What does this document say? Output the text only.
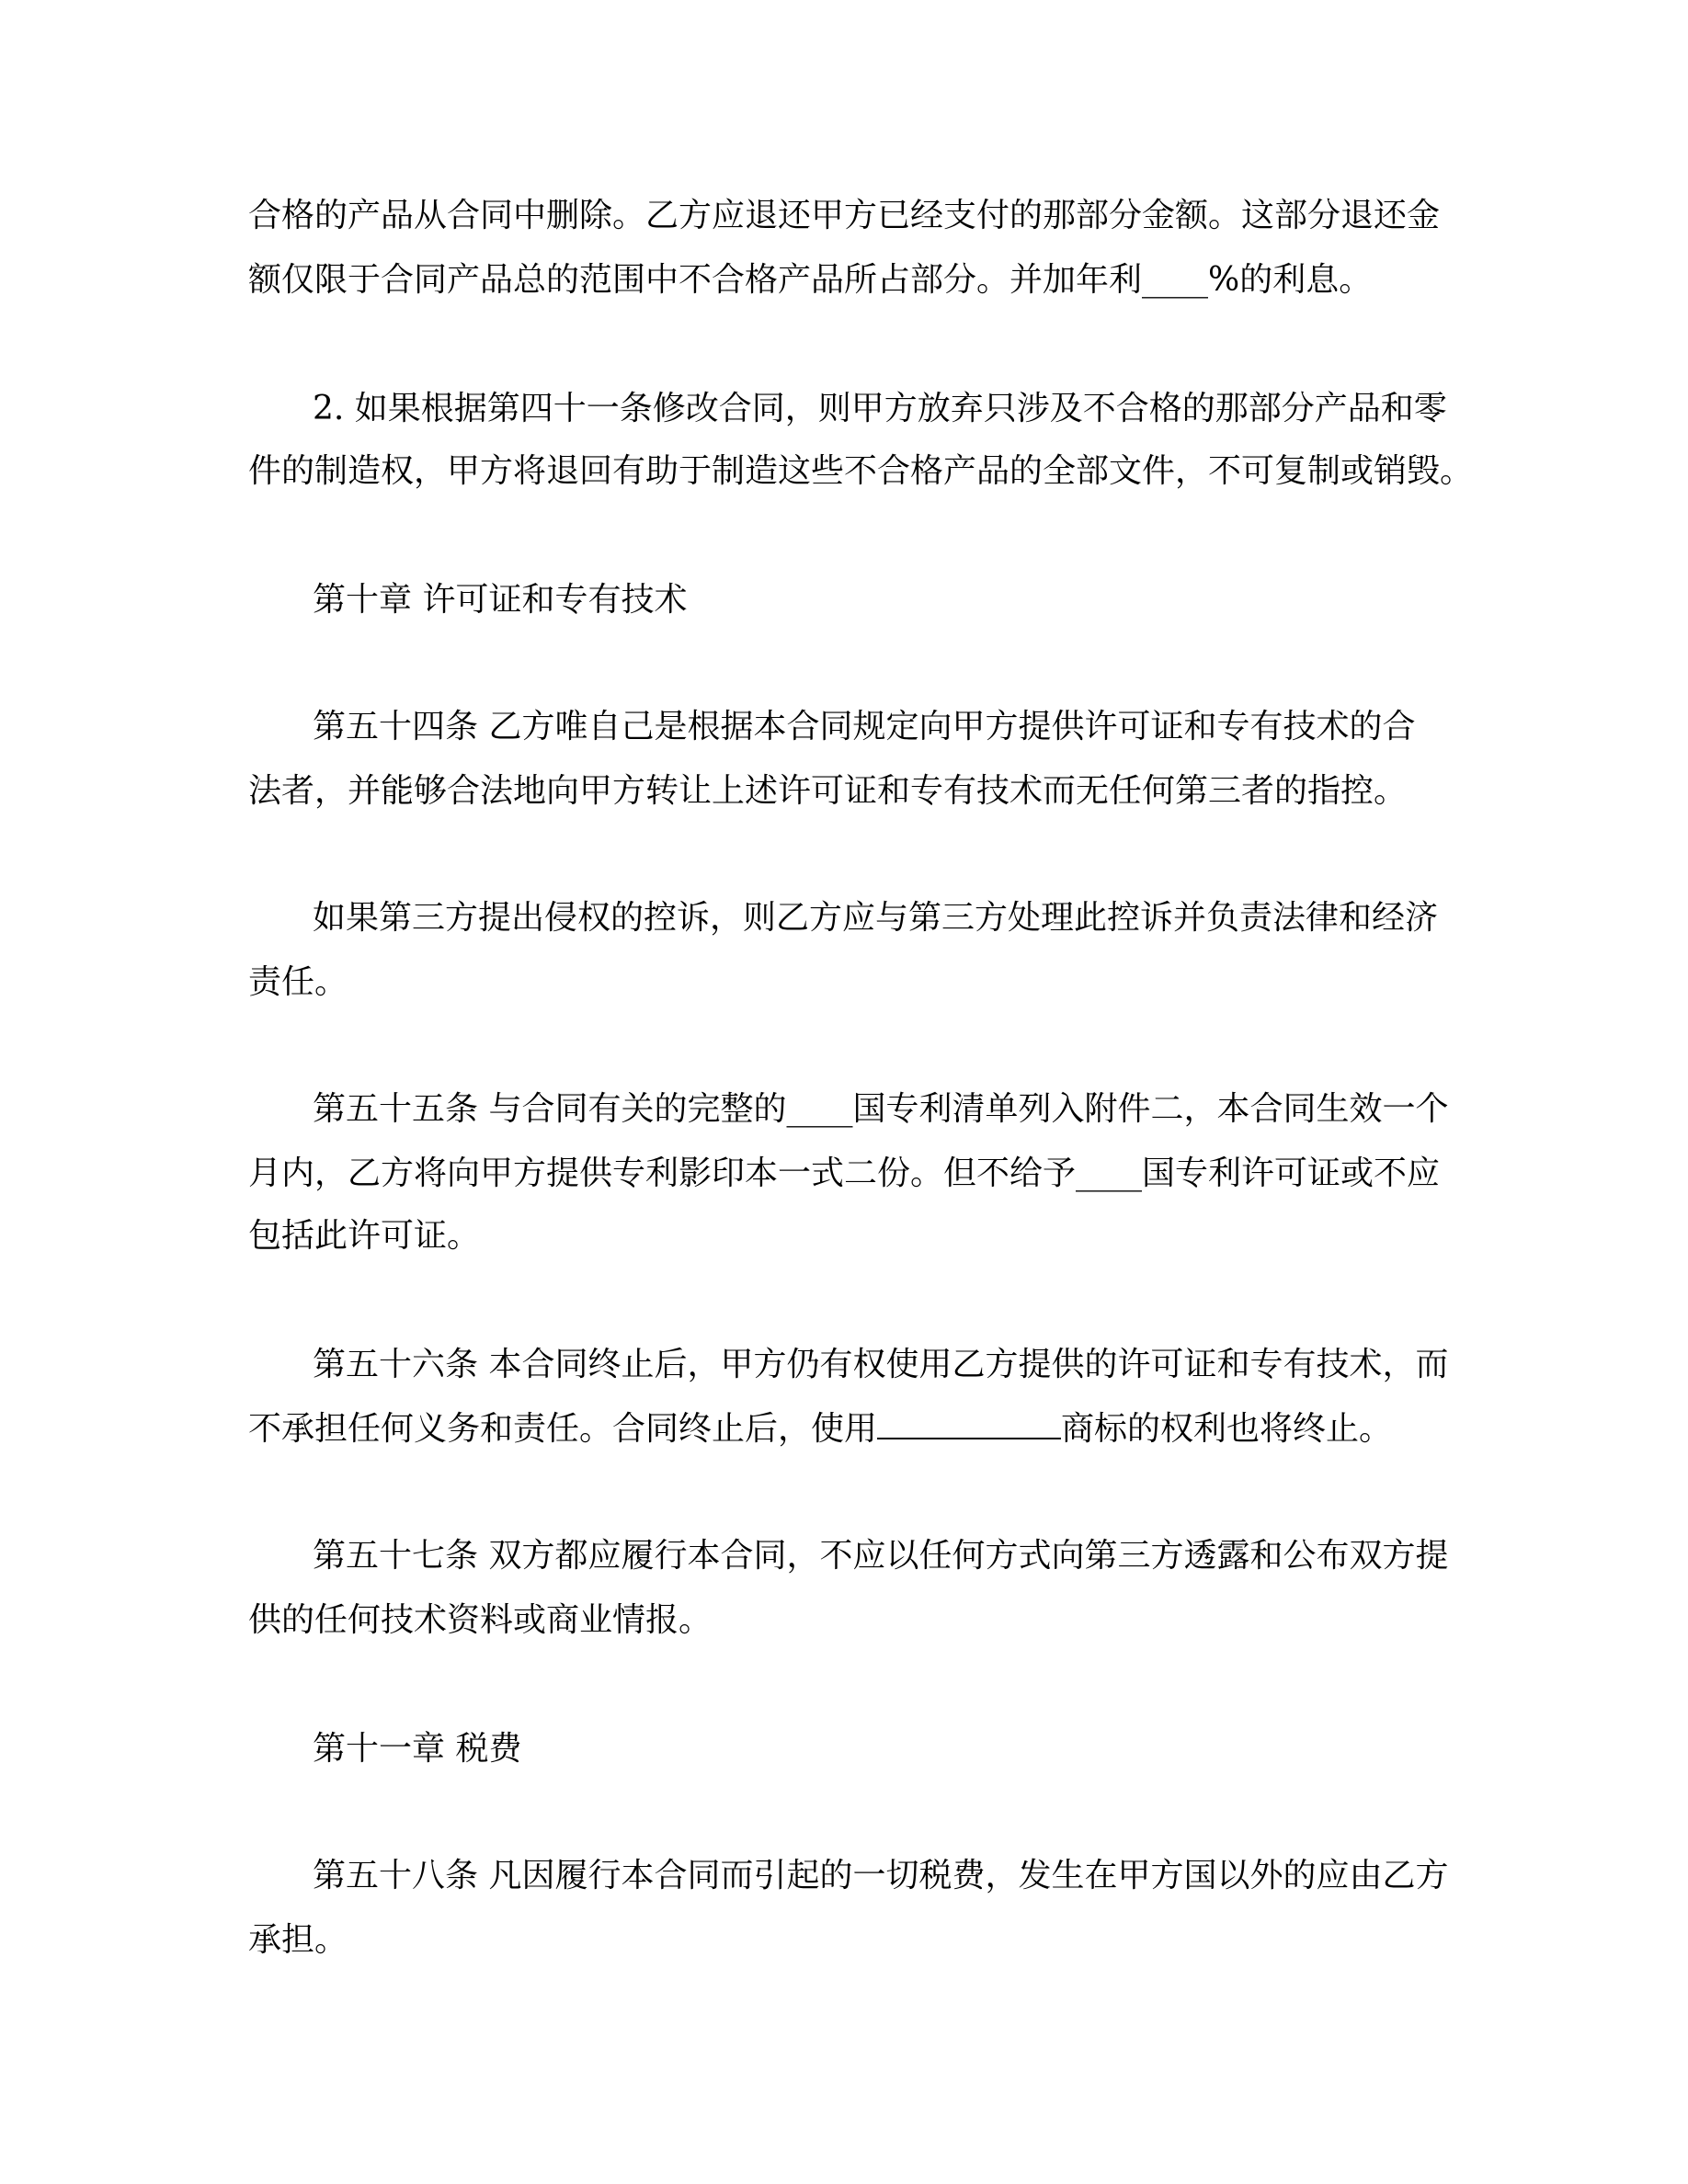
合格的产品从合同中删除。乙方应退还甲方已经支付的那部分金额。这部分退还金

额仅限于合同产品总的范围中不合格产品所占部分。并加年利____%的利息。

2. 如果根据第四十一条修改合同，则甲方放弃只涉及不合格的那部分产品和零

件的制造权，甲方将退回有助于制造这些不合格产品的全部文件，不可复制或销毁。

第十章 许可证和专有技术

第五十四条 乙方唯自己是根据本合同规定向甲方提供许可证和专有技术的合

法者，并能够合法地向甲方转让上述许可证和专有技术而无任何第三者的指控。

如果第三方提出侵权的控诉，则乙方应与第三方处理此控诉并负责法律和经济

责任。

第五十五条 与合同有关的完整的____国专利清单列入附件二，本合同生效一个

月内，乙方将向甲方提供专利影印本一式二份。但不给予____国专利许可证或不应

包括此许可证。

第五十六条 本合同终止后，甲方仍有权使用乙方提供的许可证和专有技术，而

不承担任何义务和责任。合同终止后，使用	商标的权利也将终止。

第五十七条 双方都应履行本合同，不应以任何方式向第三方透露和公布双方提

供的任何技术资料或商业情报。

第十一章 税费

第五十八条 凡因履行本合同而引起的一切税费，发生在甲方国以外的应由乙方

承担。
